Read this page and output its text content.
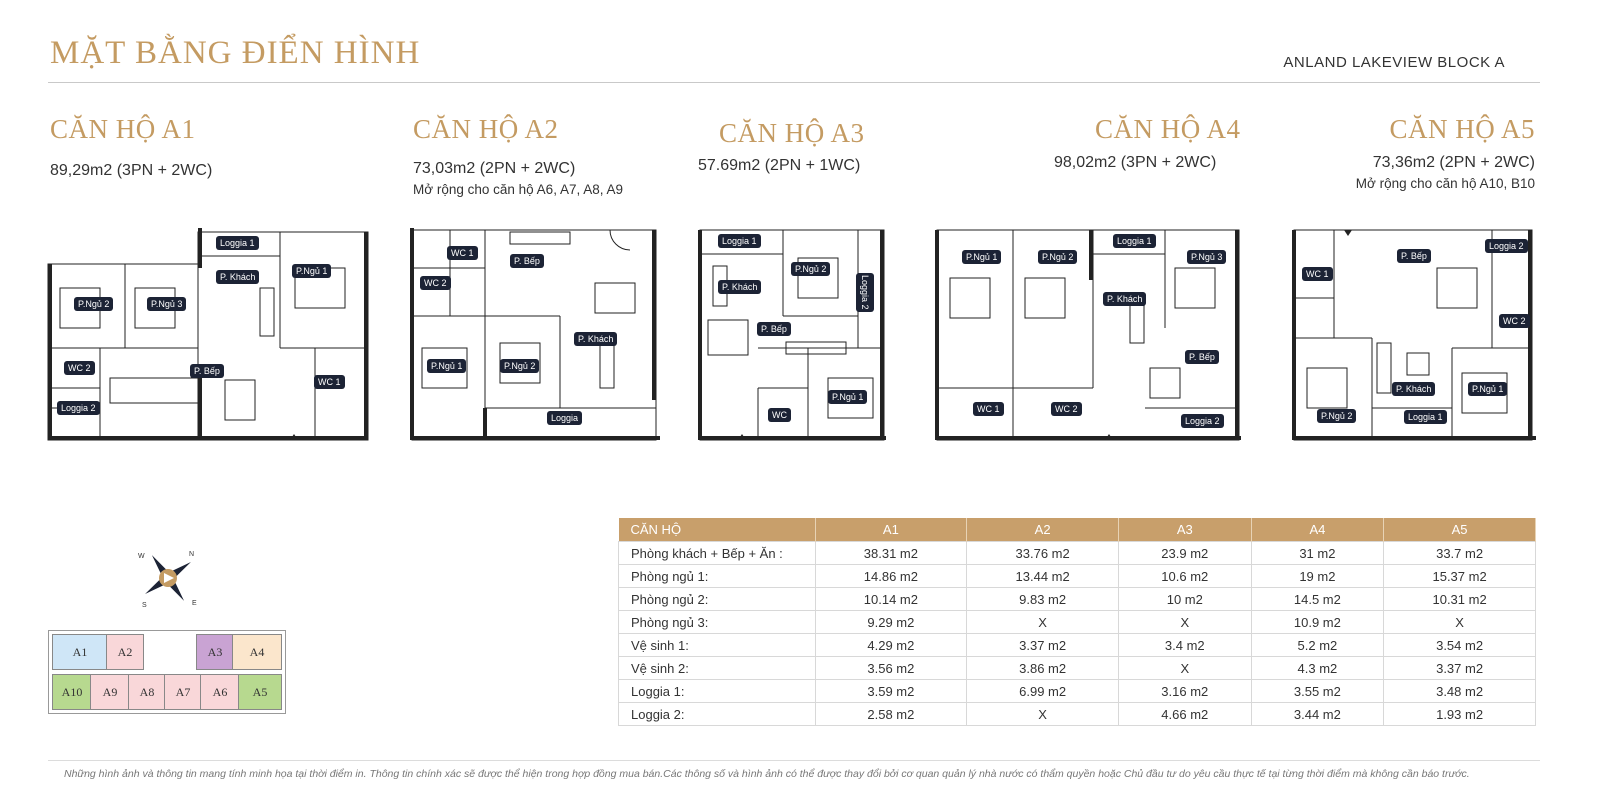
MẶT BẰNG ĐIỂN HÌNH	ANLAND LAKEVIEW BLOCK A
CĂN HỘ A1
89,29m2 (3PN + 2WC)
CĂN HỘ A2
73,03m2 (2PN + 2WC)
Mở rộng cho căn hộ A6, A7, A8, A9
CĂN HỘ A3
57.69m2 (2PN + 1WC)
CĂN HỘ A4
98,02m2 (3PN + 2WC)
CĂN HỘ A5
73,36m2 (2PN + 2WC)
Mở rộng cho căn hộ A10, B10
Loggia 1
P. Khách
P.Ngủ 1
P.Ngủ 2	P.Ngủ 3
WC 2	P. Bếp
WC 1
Loggia 2
WC 1
P. Bếp
WC 2
P. Khách
P.Ngủ 1	P.Ngủ 2
Loggia
Loggia 1
P.Ngủ 2
P. Khách	Loggia 2
P. Bếp
WC
P.Ngủ 1
P.Ngủ 1	P.Ngủ 2
Loggia 1
P.Ngủ 3
P. Khách
P. Bếp
WC 1	WC 2
Loggia 2
Loggia 2
P. Bếp
WC 1
WC 2
P. Khách	P.Ngủ 1
P.Ngủ 2	Loggia 1
N
E
S
W
A1	A2	A3	A4
A10	A9	A8	A7	A6	A5
CĂN HỘ	A1	A2	A3	A4	A5
Phòng khách + Bếp + Ăn :	38.31 m2	33.76 m2	23.9 m2	31 m2	33.7 m2
Phòng ngủ 1:	14.86 m2	13.44 m2	10.6 m2	19 m2	15.37 m2
Phòng ngủ 2:	10.14 m2	9.83 m2	10 m2	14.5 m2	10.31 m2
Phòng ngủ 3:	9.29 m2	X	X	10.9 m2	X
Vệ sinh 1:	4.29 m2	3.37 m2	3.4 m2	5.2 m2	3.54 m2
Vệ sinh 2:	3.56 m2	3.86 m2	X	4.3 m2	3.37 m2
Loggia 1:	3.59 m2	6.99 m2	3.16 m2	3.55 m2	3.48 m2
Loggia 2:	2.58 m2	X	4.66 m2	3.44 m2	1.93 m2
Những hình ảnh và thông tin mang tính minh họa tại thời điểm in. Thông tin chính xác sẽ được thể hiện trong hợp đồng mua bán.Các thông số và hình ảnh có thể được thay đổi bởi cơ quan quản lý nhà nước có thẩm quyền hoặc Chủ đầu tư do yêu cầu thực tế tại từng thời điểm mà không cần báo trước.
